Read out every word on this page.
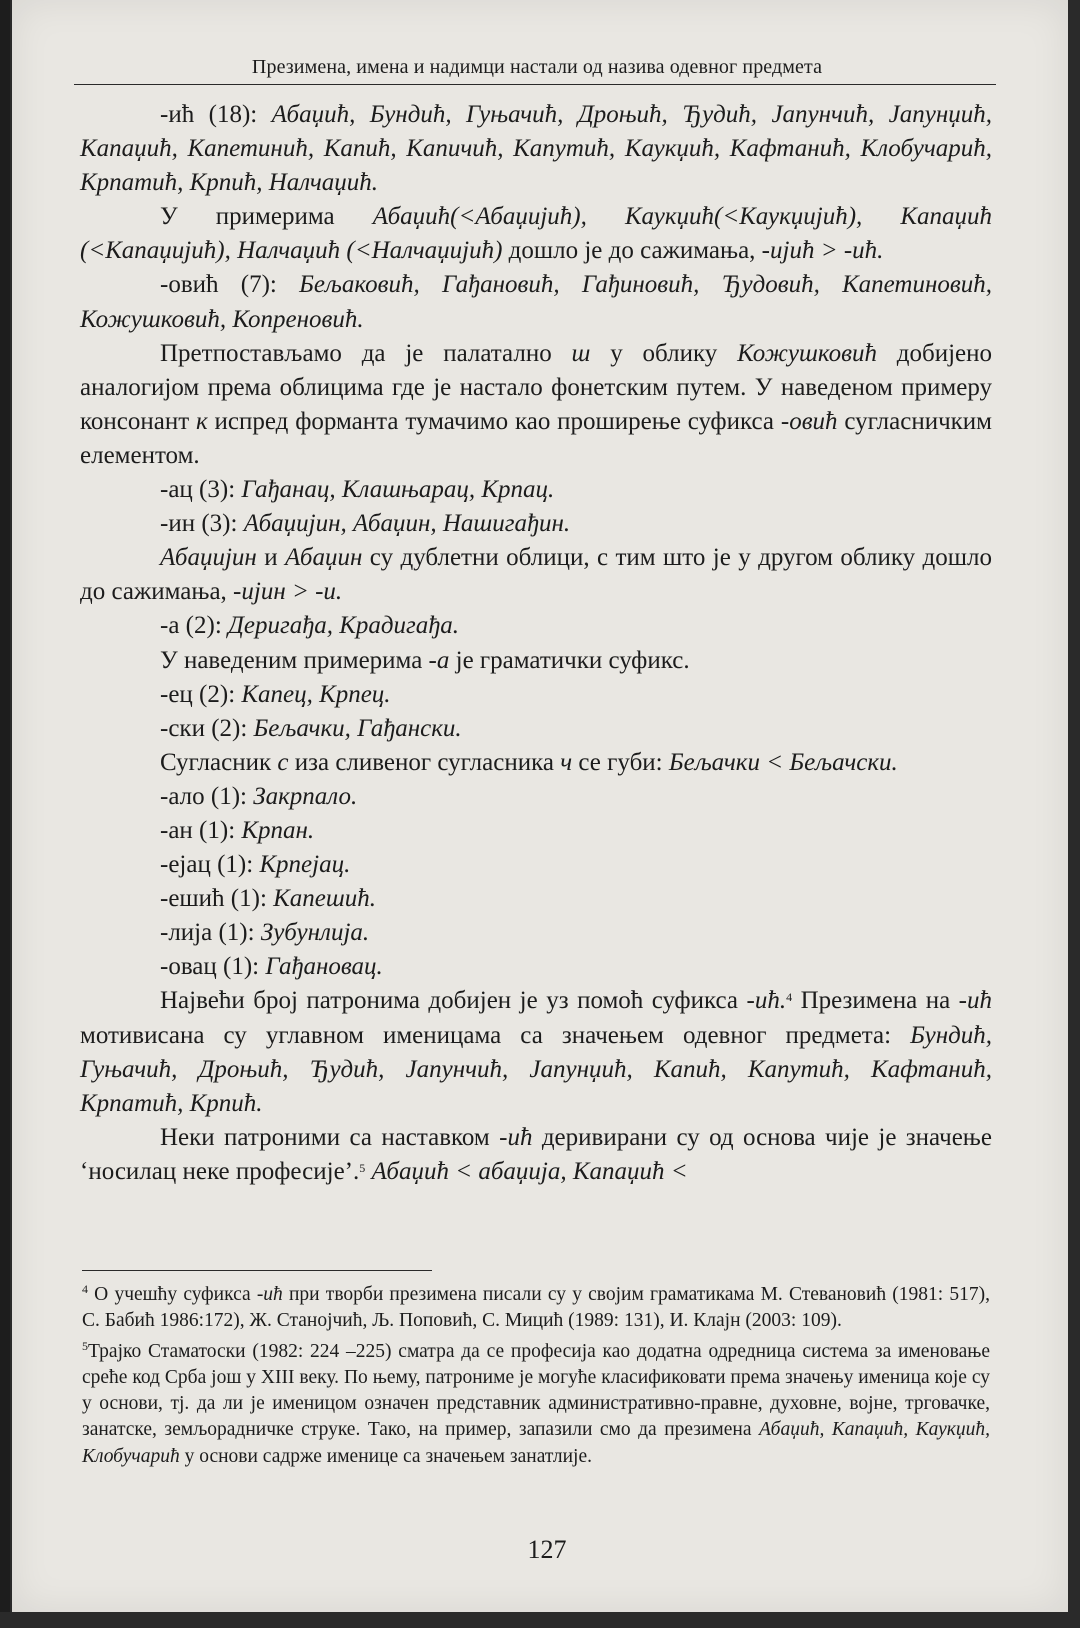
Презимена, имена и надимци настали од назива одевног предмета

-ић (18): Абаџић, Бундић, Гуњачић, Дроњић, Ђудић, Јапунчић, Јапунџић, Капаџић, Капетинић, Капић, Капичић, Капутић, Каукџић, Кафтанић, Клобучарић, Крпатић, Крпић, Налчаџић.

У примерима Абаџић(<Абаџијић), Каукџић(<Каукџијић), Капаџић (<Капаџијић), Налчаџић (<Налчаџијић) дошло је до сажимања, -ијић > -ић.

-овић (7): Бељаковић, Гађановић, Гађиновић, Ђудовић, Капетиновић, Кожушковић, Копреновић.

Претпостављамо да је палатално ш у облику Кожушковић добијено аналогијом према облицима где је настало фонетским путем. У наведеном примеру консонант к испред форманта тумачимо као проширење суфикса -овић сугласничким елементом.

-ац (3): Гађанац, Клашњарац, Крпац.

-ин (3): Абаџијин, Абаџин, Нашигађин.

Абаџијин и Абаџин су дублетни облици, с тим што је у другом облику дошло до сажимања, -ијин > -и.

-а (2): Деригађа, Крадигађа.

У наведеним примерима -а је граматички суфикс.

-ец (2): Капец, Крпец.

-ски (2): Бељачки, Гађански.

Сугласник с иза сливеног сугласника ч се губи: Бељачки < Бељачски.

-ало (1): Закрпало.

-ан (1): Крпан.

-ејац (1): Крпејац.

-ешић (1): Капешић.

-лија (1): Зубунлија.

-овац (1): Гађановац.

Највећи број патронима добијен је уз помоћ суфикса -ић.$^4$ Презимена на -ић мотивисана су углавном именицама са значењем одевног предмета: Бундић, Гуњачић, Дроњић, Ђудић, Јапунчић, Јапунџић, Капић, Капутић, Кафтанић, Крпатић, Крпић.

Неки патроними са наставком -ић деривирани су од основа чије је значење ‘носилац неке професије’.$^5$ Абаџић < абаџија, Капаџић <

$^4$ О учешћу суфикса -ић при творби презимена писали су у својим граматикама М. Стевановић (1981: 517), С. Бабић 1986:172), Ж. Станојчић, Љ. Поповић, С. Мицић (1989: 131), И. Клајн (2003: 109).

$^5$Трајко Стаматоски (1982: 224 –225) сматра да се професија као додатна одредница система за именовање среће код Срба још у XIII веку. По њему, патрониме је могуће класификовати према значењу именица које су у основи, тј. да ли је именицом означен представник административно-правне, духовне, војне, трговачке, занатске, земљорадничке струке. Тако, на пример, запазили смо да презимена Абаџић, Капаџић, Каукџић, Клобучарић у основи садрже именице са значењем занатлије.

127
